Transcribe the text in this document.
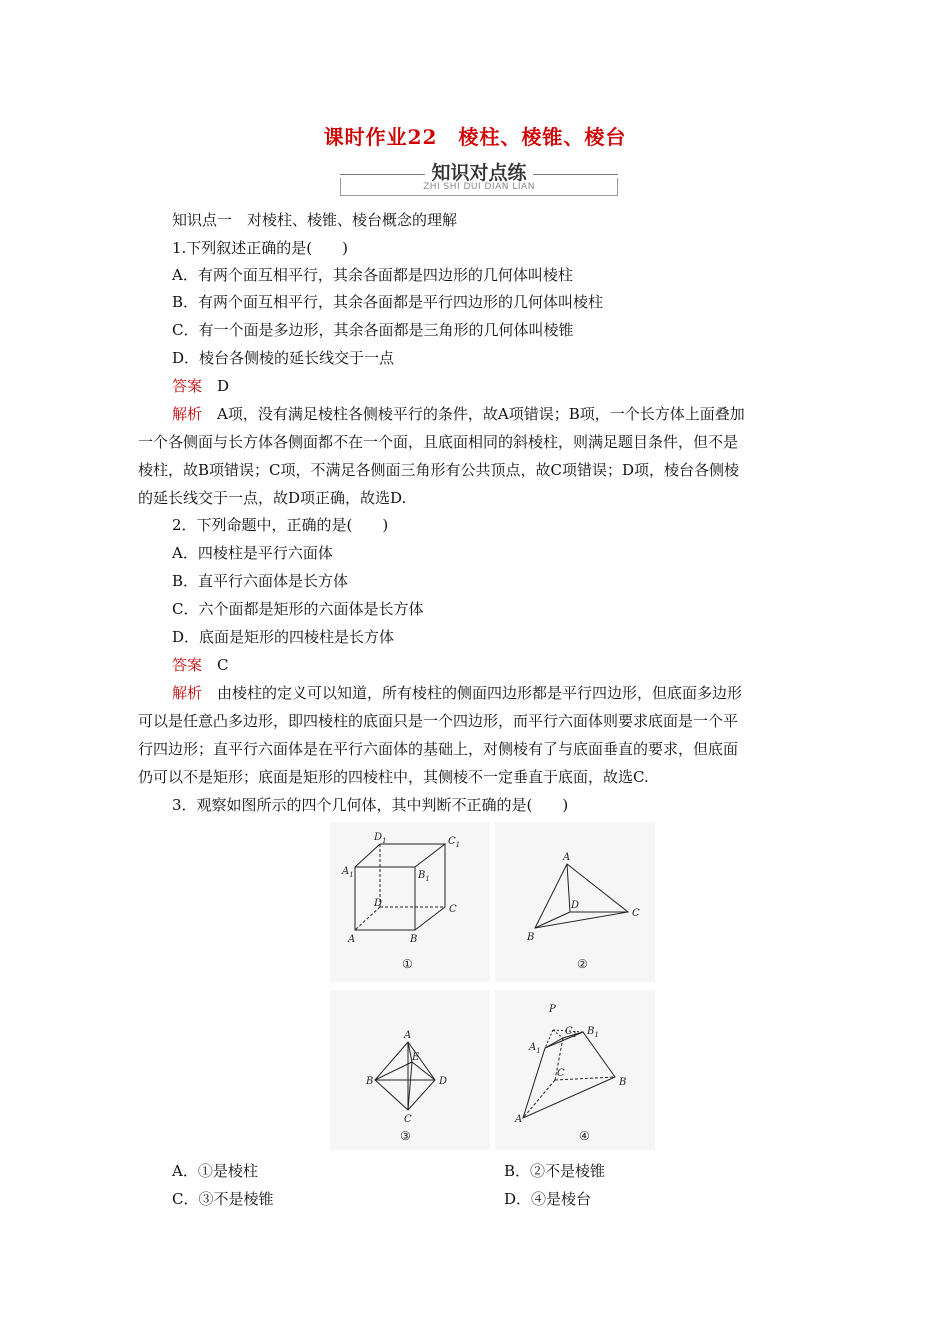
课时作业22　棱柱、棱锥、棱台
知识对点练
ZHI SHI DUI DIAN LIAN
知识点一　对棱柱、棱锥、棱台概念的理解
1.下列叙述正确的是(　　)
A．有两个面互相平行，其余各面都是四边形的几何体叫棱柱
B．有两个面互相平行，其余各面都是平行四边形的几何体叫棱柱
C．有一个面是多边形，其余各面都是三角形的几何体叫棱锥
D．棱台各侧棱的延长线交于一点
答案　 D
解析　 A项，没有满足棱柱各侧棱平行的条件，故A项错误；B项，一个长方体上面叠加
一个各侧面与长方体各侧面都不在一个面，且底面相同的斜棱柱，则满足题目条件，但不是
棱柱，故B项错误；C项，不满足各侧面三角形有公共顶点，故C项错误；D项，棱台各侧棱
的延长线交于一点，故D项正确，故选D.
2．下列命题中，正确的是(　　)
A．四棱柱是平行六面体
B．直平行六面体是长方体
C．六个面都是矩形的六面体是长方体
D．底面是矩形的四棱柱是长方体
答案　 C
解析　 由棱柱的定义可以知道，所有棱柱的侧面四边形都是平行四边形，但底面多边形
可以是任意凸多边形，即四棱柱的底面只是一个四边形，而平行六面体则要求底面是一个平
行四边形；直平行六面体是在平行六面体的基础上，对侧棱有了与底面垂直的要求，但底面
仍可以不是矩形；底面是矩形的四棱柱中，其侧棱不一定垂直于底面，故选C.
3．观察如图所示的四个几何体，其中判断不正确的是(　　)
$D_1$	$C_1$
$A_1$	$B_1$
D
C
A	B
①
A
D
C
B
②
A
E
B	D
C
③
P
$C_1$ $B_1$
$A_1$
C
B
A
④
A．①是棱柱	B．②不是棱锥
C．③不是棱锥	D．④是棱台
